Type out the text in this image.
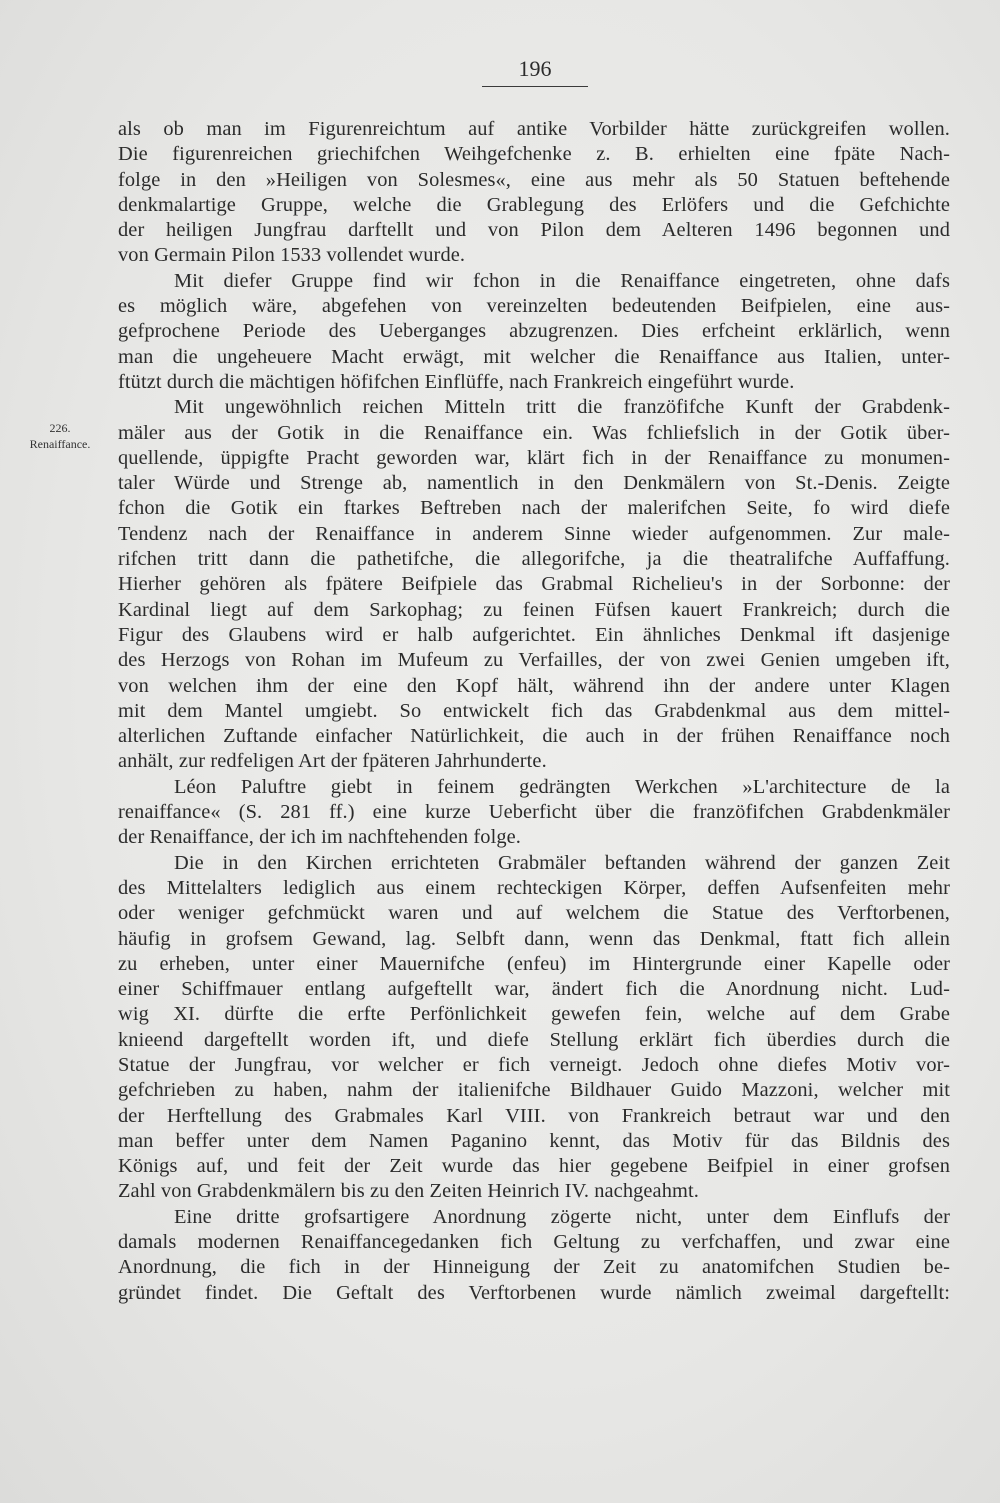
196
226.
Renaiffance.
als ob man im Figurenreichtum auf antike Vorbilder hätte zurückgreifen wollen.
Die figurenreichen griechifchen Weihgefchenke z. B. erhielten eine fpäte Nach-
folge in den »Heiligen von Solesmes«, eine aus mehr als 50 Statuen beftehende
denkmalartige Gruppe, welche die Grablegung des Erlöfers und die Gefchichte
der heiligen Jungfrau darftellt und von Pilon dem Aelteren 1496 begonnen und
von Germain Pilon 1533 vollendet wurde.
Mit diefer Gruppe find wir fchon in die Renaiffance eingetreten, ohne dafs
es möglich wäre, abgefehen von vereinzelten bedeutenden Beifpielen, eine aus-
gefprochene Periode des Ueberganges abzugrenzen. Dies erfcheint erklärlich, wenn
man die ungeheuere Macht erwägt, mit welcher die Renaiffance aus Italien, unter-
ftützt durch die mächtigen höfifchen Einflüffe, nach Frankreich eingeführt wurde.
Mit ungewöhnlich reichen Mitteln tritt die franzöfifche Kunft der Grabdenk-
mäler aus der Gotik in die Renaiffance ein. Was fchliefslich in der Gotik über-
quellende, üppigfte Pracht geworden war, klärt fich in der Renaiffance zu monumen-
taler Würde und Strenge ab, namentlich in den Denkmälern von St.-Denis. Zeigte
fchon die Gotik ein ftarkes Beftreben nach der malerifchen Seite, fo wird diefe
Tendenz nach der Renaiffance in anderem Sinne wieder aufgenommen. Zur male-
rifchen tritt dann die pathetifche, die allegorifche, ja die theatralifche Auffaffung.
Hierher gehören als fpätere Beifpiele das Grabmal Richelieu's in der Sorbonne: der
Kardinal liegt auf dem Sarkophag; zu feinen Füfsen kauert Frankreich; durch die
Figur des Glaubens wird er halb aufgerichtet. Ein ähnliches Denkmal ift dasjenige
des Herzogs von Rohan im Mufeum zu Verfailles, der von zwei Genien umgeben ift,
von welchen ihm der eine den Kopf hält, während ihn der andere unter Klagen
mit dem Mantel umgiebt. So entwickelt fich das Grabdenkmal aus dem mittel-
alterlichen Zuftande einfacher Natürlichkeit, die auch in der frühen Renaiffance noch
anhält, zur redfeligen Art der fpäteren Jahrhunderte.
Léon Paluftre giebt in feinem gedrängten Werkchen »L'architecture de la
renaiffance« (S. 281 ff.) eine kurze Ueberficht über die franzöfifchen Grabdenkmäler
der Renaiffance, der ich im nachftehenden folge.
Die in den Kirchen errichteten Grabmäler beftanden während der ganzen Zeit
des Mittelalters lediglich aus einem rechteckigen Körper, deffen Aufsenfeiten mehr
oder weniger gefchmückt waren und auf welchem die Statue des Verftorbenen,
häufig in grofsem Gewand, lag. Selbft dann, wenn das Denkmal, ftatt fich allein
zu erheben, unter einer Mauernifche (enfeu) im Hintergrunde einer Kapelle oder
einer Schiffmauer entlang aufgeftellt war, ändert fich die Anordnung nicht. Lud-
wig XI. dürfte die erfte Perfönlichkeit gewefen fein, welche auf dem Grabe
knieend dargeftellt worden ift, und diefe Stellung erklärt fich überdies durch die
Statue der Jungfrau, vor welcher er fich verneigt. Jedoch ohne diefes Motiv vor-
gefchrieben zu haben, nahm der italienifche Bildhauer Guido Mazzoni, welcher mit
der Herftellung des Grabmales Karl VIII. von Frankreich betraut war und den
man beffer unter dem Namen Paganino kennt, das Motiv für das Bildnis des
Königs auf, und feit der Zeit wurde das hier gegebene Beifpiel in einer grofsen
Zahl von Grabdenkmälern bis zu den Zeiten Heinrich IV. nachgeahmt.
Eine dritte grofsartigere Anordnung zögerte nicht, unter dem Einflufs der
damals modernen Renaiffancegedanken fich Geltung zu verfchaffen, und zwar eine
Anordnung, die fich in der Hinneigung der Zeit zu anatomifchen Studien be-
gründet findet. Die Geftalt des Verftorbenen wurde nämlich zweimal dargeftellt:
